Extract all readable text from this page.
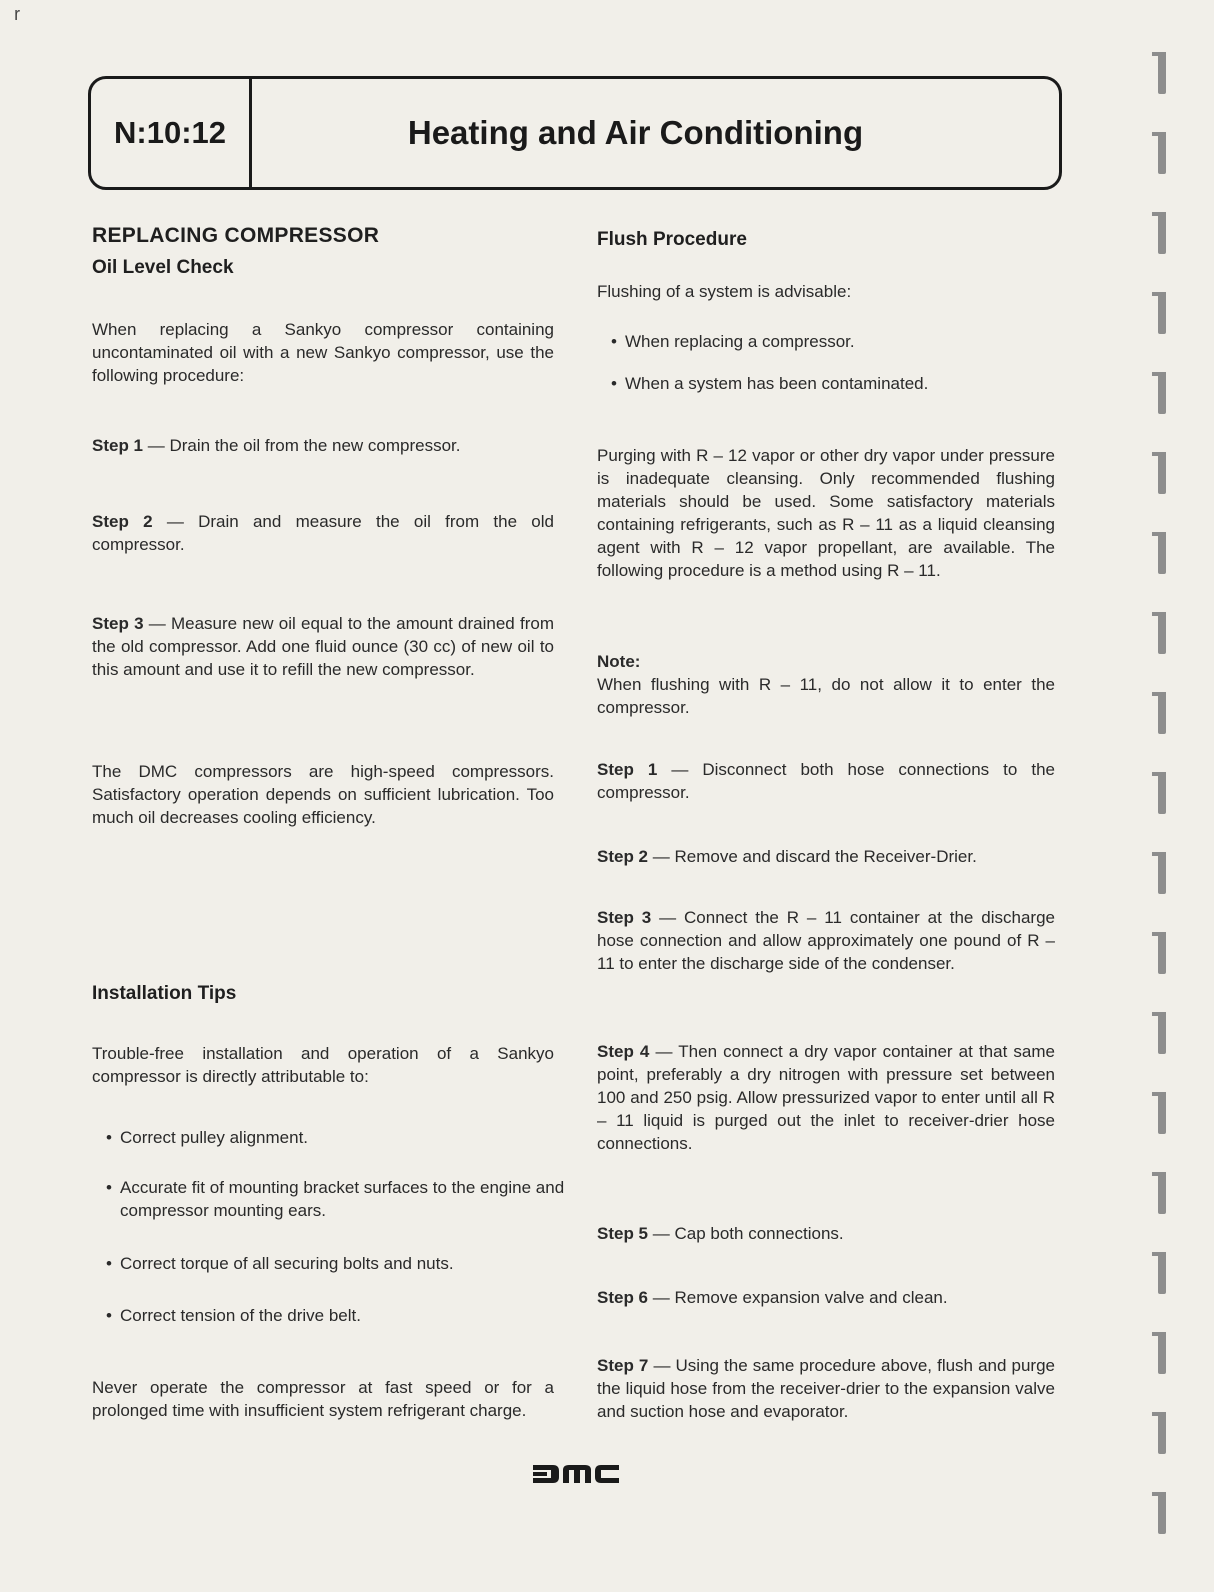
ʳ
N:10:12	Heating and Air Conditioning
REPLACING COMPRESSOR
Oil Level Check
When replacing a Sankyo compressor containing uncontaminated oil with a new Sankyo compressor, use the following procedure:
Step 1 — Drain the oil from the new compressor.
Step 2 — Drain and measure the oil from the old compressor.
Step 3 — Measure new oil equal to the amount drained from the old compressor. Add one fluid ounce (30 cc) of new oil to this amount and use it to refill the new compressor.
The DMC compressors are high-speed compressors. Satisfactory operation depends on sufficient lubrication. Too much oil decreases cooling efficiency.
Installation Tips
Trouble-free installation and operation of a Sankyo compressor is directly attributable to:
• Correct pulley alignment.
• Accurate fit of mounting bracket surfaces to the engine and compressor mounting ears.
• Correct torque of all securing bolts and nuts.
• Correct tension of the drive belt.
Never operate the compressor at fast speed or for a prolonged time with insufficient system refrigerant charge.
Flush Procedure
Flushing of a system is advisable:
• When replacing a compressor.
• When a system has been contaminated.
Purging with R – 12 vapor or other dry vapor under pressure is inadequate cleansing. Only recommended flushing materials should be used. Some satisfactory materials containing refrigerants, such as R – 11 as a liquid cleansing agent with R – 12 vapor propellant, are available. The following procedure is a method using R – 11.
Note:
When flushing with R – 11, do not allow it to enter the compressor.
Step 1 — Disconnect both hose connections to the compressor.
Step 2 — Remove and discard the Receiver-Drier.
Step 3 — Connect the R – 11 container at the discharge hose connection and allow approximately one pound of R – 11 to enter the discharge side of the condenser.
Step 4 — Then connect a dry vapor container at that same point, preferably a dry nitrogen with pressure set between 100 and 250 psig. Allow pressurized vapor to enter until all R – 11 liquid is purged out the inlet to receiver-drier hose connections.
Step 5 — Cap both connections.
Step 6 — Remove expansion valve and clean.
Step 7 — Using the same procedure above, flush and purge the liquid hose from the receiver-drier to the expansion valve and suction hose and evaporator.
